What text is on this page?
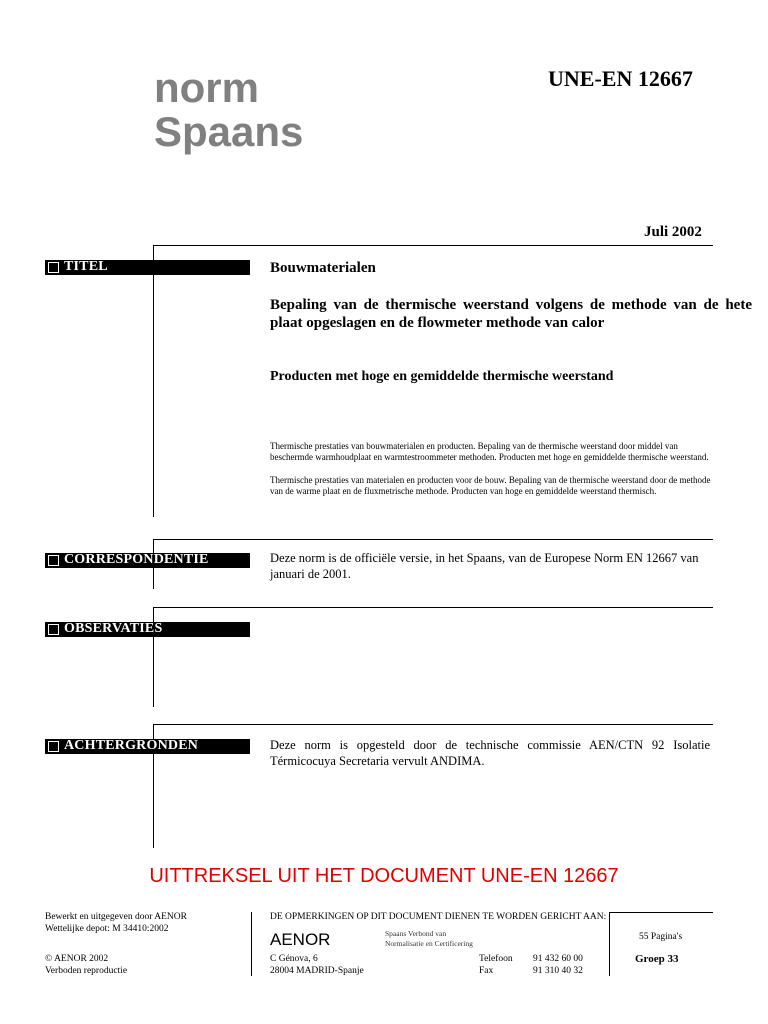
norm
Spaans
UNE-EN 12667
Juli 2002
TITEL	Bouwmaterialen
Bepaling van de thermische weerstand volgens de methode van de hete plaat opgeslagen en de flowmeter methode van calor
Producten met hoge en gemiddelde thermische weerstand
Thermische prestaties van bouwmaterialen en producten. Bepaling van de thermische weerstand door middel van beschermde warmhoudplaat en warmtestroommeter methoden. Producten met hoge en gemiddelde thermische weerstand.
Thermische prestaties van materialen en producten voor de bouw. Bepaling van de thermische weerstand door de methode van de warme plaat en de fluxmetrische methode. Producten van hoge en gemiddelde weerstand thermisch.
CORRESPONDENTIE	Deze norm is de officiële versie, in het Spaans, van de Europese Norm EN 12667 van januari de 2001.
OBSERVATIES
ACHTERGRONDEN	Deze norm is opgesteld door de technische commissie AEN/CTN 92 Isolatie Térmicocuya Secretaria vervult ANDIMA.
UITTREKSEL UIT HET DOCUMENT UNE-EN 12667
Bewerkt en uitgegeven door AENOR
Wettelijke depot: M 34410:2002
© AENOR 2002
Verboden reproductie
DE OPMERKINGEN OP DIT DOCUMENT DIENEN TE WORDEN GERICHT AAN:
AENOR	Spaans Verbond van
Normalisatie en Certificering
C Génova, 6
28004 MADRID-Spanje
Telefoon 91 432 60 00
Fax	91 310 40 32
55 Pagina's
Groep 33
